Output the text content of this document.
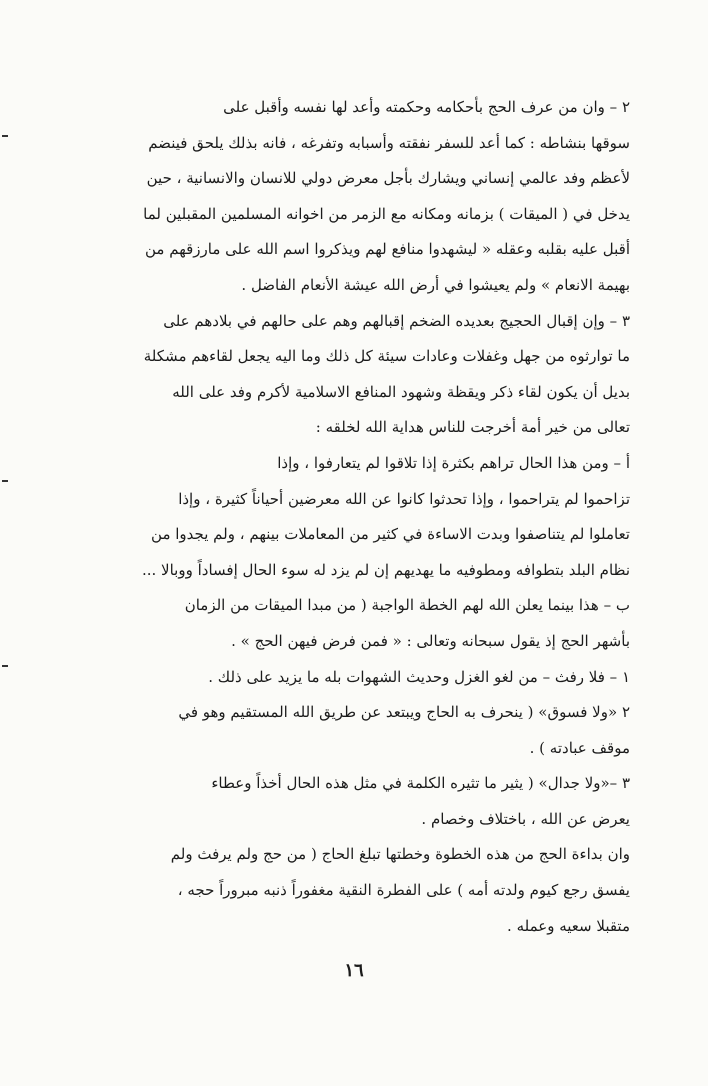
٢ – وان من عرف الحج بأحكامه وحكمته وأعد لها نفسه وأقبل على
سوقها بنشاطه : كما أعد للسفر نفقته وأسبابه وتفرغه ، فانه بذلك يلحق فينضم
لأعظم وفد عالمي إنساني ويشارك بأجل معرض دولي للانسان والانسانية ، حين
يدخل في ( الميقات ) بزمانه ومكانه مع الزمر من اخوانه المسلمين المقبلين لما
أقبل عليه بقلبه وعقله « ليشهدوا منافع لهم ويذكروا اسم الله على مارزقهم من
بهيمة الانعام » ولم يعيشوا في أرض الله عيشة الأنعام الفاضل .
٣ – وإن إقبال الحجيج بعديده الضخم إقبالهم وهم على حالهم في بلادهم على
ما توارثوه من جهل وغفلات وعادات سيئة كل ذلك وما اليه يجعل لقاءهم مشكلة
بديل أن يكون لقاء ذكر ويقظة وشهود المنافع الاسلامية لأكرم وفد على الله
تعالى من خير أمة أخرجت للناس هداية الله لخلقه :
أ – ومن هذا الحال تراهم بكثرة إذا تلاقوا لم يتعارفوا ، وإذا
تزاحموا لم يتراحموا ، وإذا تحدثوا كانوا عن الله معرضين أحياناً كثيرة ، وإذا
تعاملوا لم يتناصفوا وبدت الاساءة في كثير من المعاملات بينهم ، ولم يجدوا من
نظام البلد بتطوافه ومطوفيه ما يهديهم إن لم يزد له سوء الحال إفساداً ووبالا ...
ب – هذا بينما يعلن الله لهم الخطة الواجبة ( من مبدا الميقات من الزمان
بأشهر الحج إذ يقول سبحانه وتعالى : « فمن فرض فيهن الحج » .
١ – فلا رفث – من لغو الغزل وحديث الشهوات بله ما يزيد على ذلك .
٢ «ولا فسوق» ( ينحرف به الحاج ويبتعد عن طريق الله المستقيم وهو في
موقف عبادته ) .
٣ –«ولا جدال» ( يثير ما تثيره الكلمة في مثل هذه الحال أخذاً وعطاء
يعرض عن الله ، باختلاف وخصام .
وان بداءة الحج من هذه الخطوة وخطتها تبلغ الحاج ( من حج ولم يرفث ولم
يفسق رجع كيوم ولدته أمه ) على الفطرة النقية مغفوراً ذنبه مبروراً حجه ،
متقبلا سعيه وعمله .
١٦
